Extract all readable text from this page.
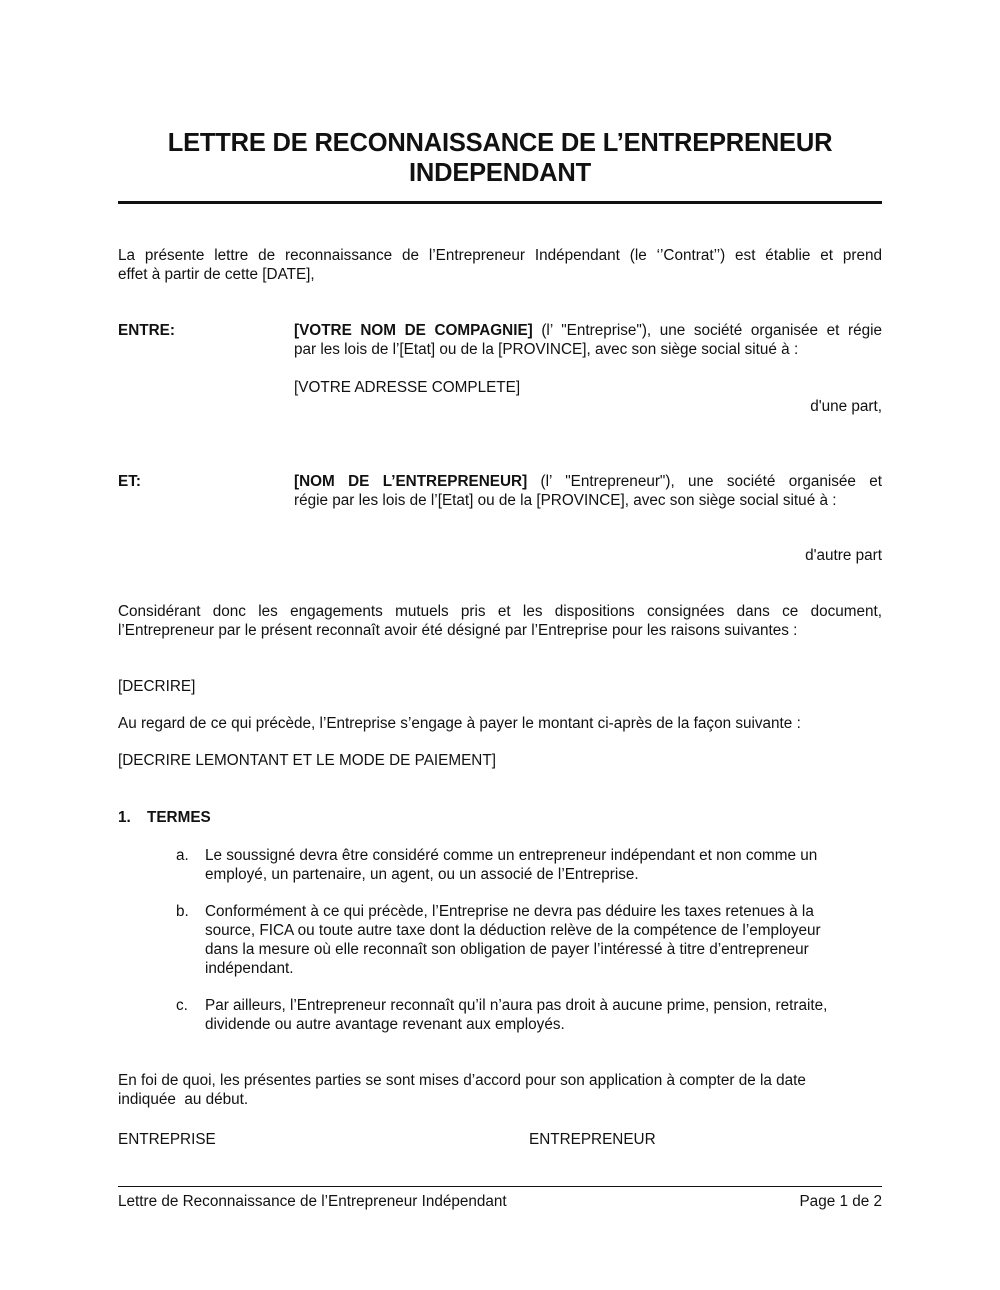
LETTRE DE RECONNAISSANCE DE L’ENTREPRENEUR
INDEPENDANT
La présente lettre de reconnaissance de l’Entrepreneur Indépendant (le ‘’Contrat’’) est établie et prend
effet à partir de cette [DATE],
ENTRE:	[VOTRE NOM DE COMPAGNIE] (l’ "Entreprise"), une société organisée et régie
par les lois de l’[Etat] ou de la [PROVINCE], avec son siège social situé à :
[VOTRE ADRESSE COMPLETE]
d'une part,
ET:	[NOM DE L’ENTREPRENEUR] (l’ "Entrepreneur"), une société organisée et
régie par les lois de l’[Etat] ou de la [PROVINCE], avec son siège social situé à :
d'autre part
Considérant donc les engagements mutuels pris et les dispositions consignées dans ce document,
l’Entrepreneur par le présent reconnaît avoir été désigné par l’Entreprise pour les raisons suivantes :
[DECRIRE]
Au regard de ce qui précède, l’Entreprise s’engage à payer le montant ci-après de la façon suivante :
[DECRIRE LEMONTANT ET LE MODE DE PAIEMENT]
1. TERMES
a. Le soussigné devra être considéré comme un entrepreneur indépendant et non comme un
employé, un partenaire, un agent, ou un associé de l’Entreprise.
b. Conformément à ce qui précède, l’Entreprise ne devra pas déduire les taxes retenues à la
source, FICA ou toute autre taxe dont la déduction relève de la compétence de l’employeur
dans la mesure où elle reconnaît son obligation de payer l’intéressé à titre d’entrepreneur
indépendant.
c. Par ailleurs, l’Entrepreneur reconnaît qu’il n’aura pas droit à aucune prime, pension, retraite,
dividende ou autre avantage revenant aux employés.
En foi de quoi, les présentes parties se sont mises d’accord pour son application à compter de la date
indiquée  au début.
ENTREPRISE	ENTREPRENEUR
Lettre de Reconnaissance de l’Entrepreneur Indépendant	Page 1 de 2
